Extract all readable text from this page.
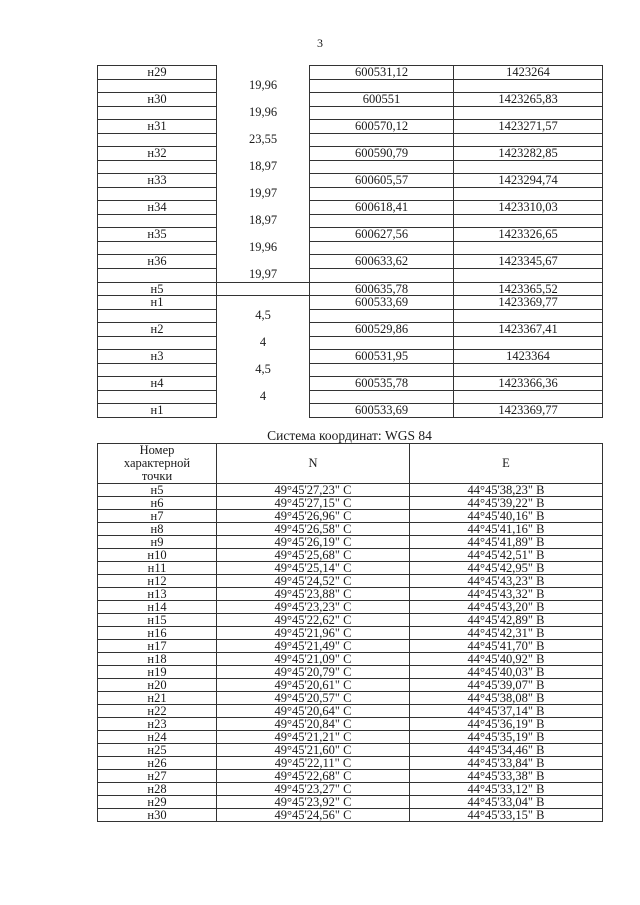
3
н29		600531,12	1423264
	19,96		
н30		600551	1423265,83
	19,96		
н31		600570,12	1423271,57
	23,55		
н32		600590,79	1423282,85
	18,97		
н33		600605,57	1423294,74
	19,97		
н34		600618,41	1423310,03
	18,97		
н35		600627,56	1423326,65
	19,96		
н36		600633,62	1423345,67
	19,97		
н5		600635,78	1423365,52
н1		600533,69	1423369,77
	4,5		
н2		600529,86	1423367,41
	4		
н3		600531,95	1423364
	4,5		
н4		600535,78	1423366,36
	4		
н1		600533,69	1423369,77
Система координат: WGS 84
Номер
характерной
точки	N	E
н5	49°45'27,23" С	44°45'38,23" В
н6	49°45'27,15" С	44°45'39,22" В
н7	49°45'26,96" С	44°45'40,16" В
н8	49°45'26,58" С	44°45'41,16" В
н9	49°45'26,19" С	44°45'41,89" В
н10	49°45'25,68" С	44°45'42,51" В
н11	49°45'25,14" С	44°45'42,95" В
н12	49°45'24,52" С	44°45'43,23" В
н13	49°45'23,88" С	44°45'43,32" В
н14	49°45'23,23" С	44°45'43,20" В
н15	49°45'22,62" С	44°45'42,89" В
н16	49°45'21,96" С	44°45'42,31" В
н17	49°45'21,49" С	44°45'41,70" В
н18	49°45'21,09" С	44°45'40,92" В
н19	49°45'20,79" С	44°45'40,03" В
н20	49°45'20,61" С	44°45'39,07" В
н21	49°45'20,57" С	44°45'38,08" В
н22	49°45'20,64" С	44°45'37,14" В
н23	49°45'20,84" С	44°45'36,19" В
н24	49°45'21,21" С	44°45'35,19" В
н25	49°45'21,60" С	44°45'34,46" В
н26	49°45'22,11" С	44°45'33,84" В
н27	49°45'22,68" С	44°45'33,38" В
н28	49°45'23,27" С	44°45'33,12" В
н29	49°45'23,92" С	44°45'33,04" В
н30	49°45'24,56" С	44°45'33,15" В
